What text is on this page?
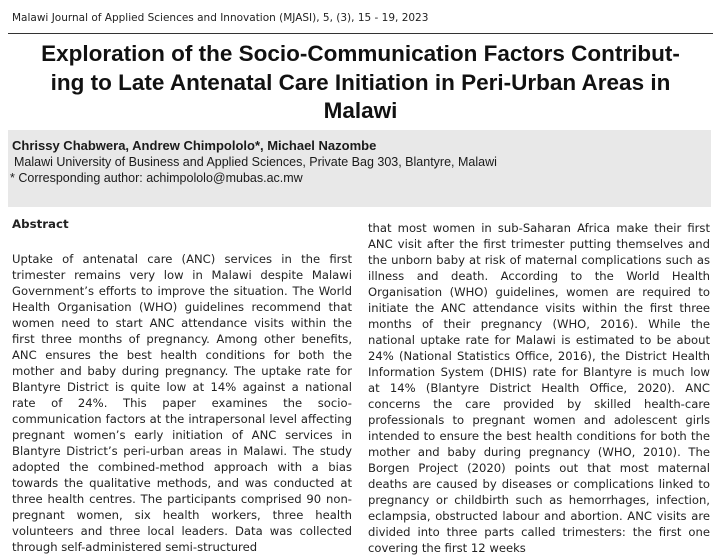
Malawi Journal of Applied Sciences and Innovation (MJASI), 5, (3), 15 - 19, 2023
Exploration of the Socio-Communication Factors Contribut-
ing to Late Antenatal Care Initiation in Peri-Urban Areas in
Malawi
Chrissy Chabwera, Andrew Chimpololo*, Michael Nazombe
Malawi University of Business and Applied Sciences, Private Bag 303, Blantyre, Malawi
* Corresponding author: achimpololo@mubas.ac.mw
Abstract

Uptake of antenatal care (ANC) services in the first trimester remains very low in Malawi despite Malawi Government’s efforts to improve the situation. The World Health Organisation (WHO) guidelines recommend that women need to start ANC attendance visits within the first three months of pregnancy. Among other benefits, ANC ensures the best health conditions for both the mother and baby during pregnancy. The uptake rate for Blantyre District is quite low at 14% against a national rate of 24%. This paper examines the socio-communication factors at the intrapersonal level affecting pregnant women’s early initiation of ANC services in Blantyre District’s peri-urban areas in Malawi. The study adopted the combined-method approach with a bias towards the qualitative methods, and was conducted at three health centres. The participants comprised 90 non-pregnant women, six health workers, three health volunteers and three local leaders. Data was collected through self-administered semi-structured

that most women in sub-Saharan Africa make their first ANC visit after the first trimester putting themselves and the unborn baby at risk of maternal complications such as illness and death. According to the World Health Organisation (WHO) guidelines, women are required to initiate the ANC attendance visits within the first three months of their pregnancy (WHO, 2016). While the national uptake rate for Malawi is estimated to be about 24% (National Statistics Office, 2016), the District Health Information System (DHIS) rate for Blantyre is much low at 14% (Blantyre District Health Office, 2020). ANC concerns the care provided by skilled health-care professionals to pregnant women and adolescent girls intended to ensure the best health conditions for both the mother and baby during pregnancy (WHO, 2010). The Borgen Project (2020) points out that most maternal deaths are caused by diseases or complications linked to pregnancy or childbirth such as hemorrhages, infection, eclampsia, obstructed labour and abortion. ANC visits are divided into three parts called trimesters: the first one covering the first 12 weeks
